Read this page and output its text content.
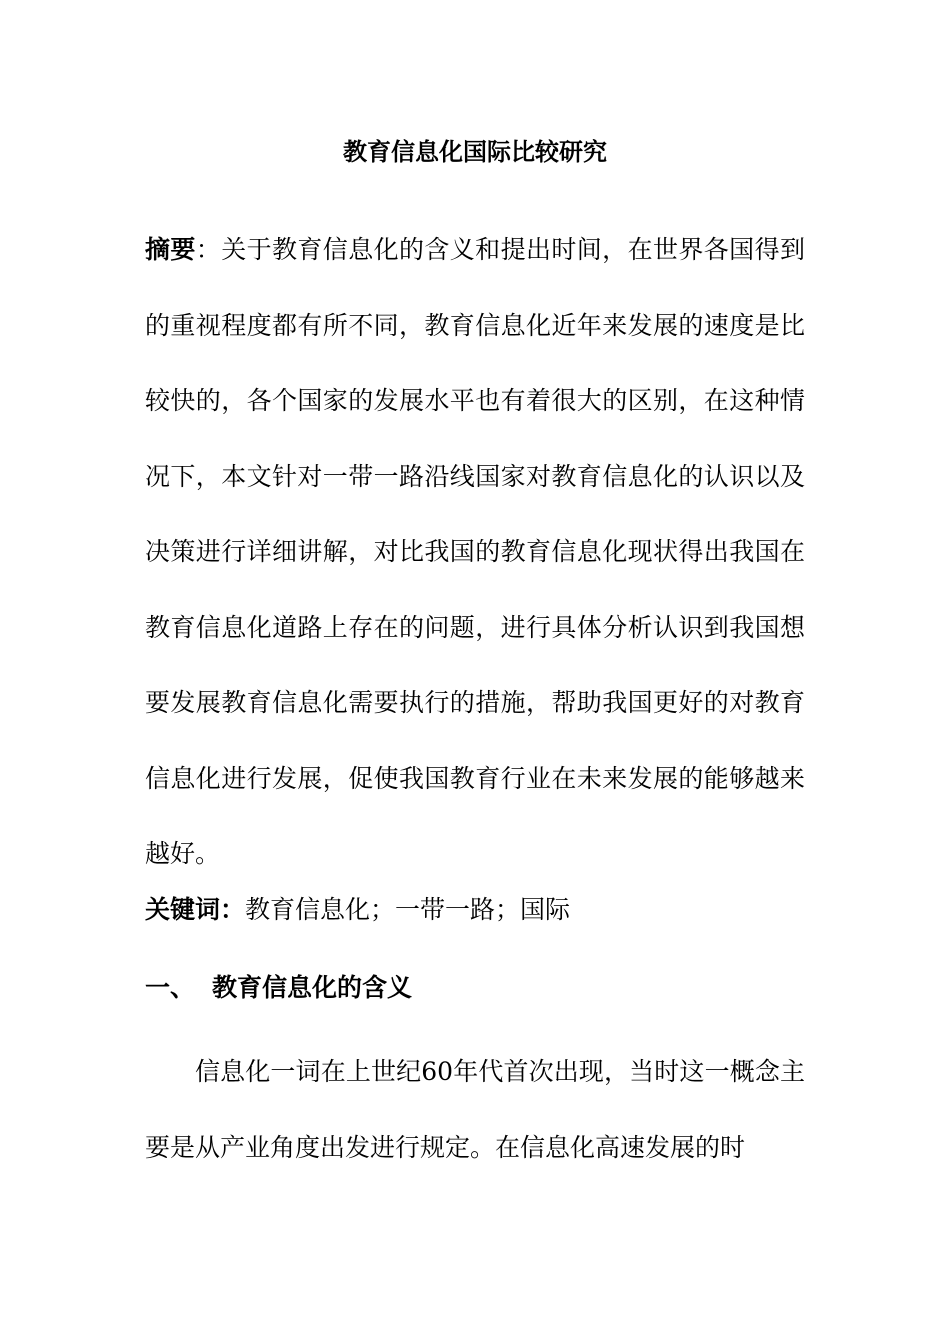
教育信息化国际比较研究

摘要：关于教育信息化的含义和提出时间，在世界各国得到的重视程度都有所不同，教育信息化近年来发展的速度是比较快的，各个国家的发展水平也有着很大的区别，在这种情况下，本文针对一带一路沿线国家对教育信息化的认识以及决策进行详细讲解，对比我国的教育信息化现状得出我国在教育信息化道路上存在的问题，进行具体分析认识到我国想要发展教育信息化需要执行的措施，帮助我国更好的对教育信息化进行发展，促使我国教育行业在未来发展的能够越来越好。

关键词：教育信息化；一带一路；国际

一、 教育信息化的含义

信息化一词在上世纪60年代首次出现，当时这一概念主要是从产业角度出发进行规定。在信息化高速发展的时
